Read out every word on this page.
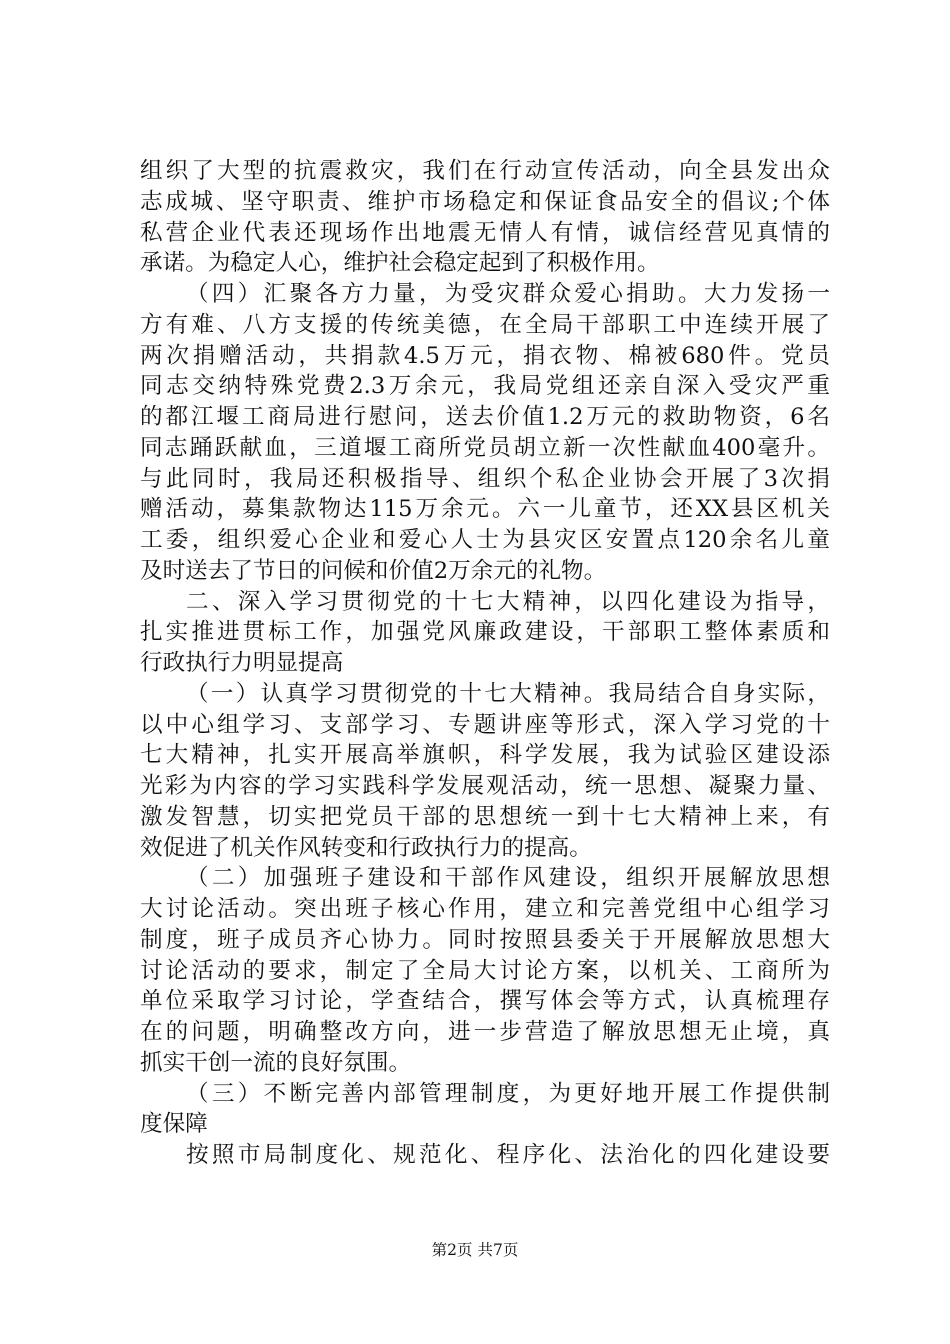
组织了大型的抗震救灾，我们在行动宣传活动，向全县发出众
志成城、坚守职责、维护市场稳定和保证食品安全的倡议;个体
私营企业代表还现场作出地震无情人有情，诚信经营见真情的
承诺。为稳定人心，维护社会稳定起到了积极作用。
（四）汇聚各方力量，为受灾群众爱心捐助。大力发扬一
方有难、八方支援的传统美德，在全局干部职工中连续开展了
两次捐赠活动，共捐款4.5万元，捐衣物、棉被680件。党员
同志交纳特殊党费2.3万余元，我局党组还亲自深入受灾严重
的都江堰工商局进行慰问，送去价值1.2万元的救助物资，6名
同志踊跃献血，三道堰工商所党员胡立新一次性献血400毫升。
与此同时，我局还积极指导、组织个私企业协会开展了3次捐
赠活动，募集款物达115万余元。六一儿童节，还XX县区机关
工委，组织爱心企业和爱心人士为县灾区安置点120余名儿童
及时送去了节日的问候和价值2万余元的礼物。
二、深入学习贯彻党的十七大精神，以四化建设为指导，
扎实推进贯标工作，加强党风廉政建设，干部职工整体素质和
行政执行力明显提高
（一）认真学习贯彻党的十七大精神。我局结合自身实际，
以中心组学习、支部学习、专题讲座等形式，深入学习党的十
七大精神，扎实开展高举旗帜，科学发展，我为试验区建设添
光彩为内容的学习实践科学发展观活动，统一思想、凝聚力量、
激发智慧，切实把党员干部的思想统一到十七大精神上来，有
效促进了机关作风转变和行政执行力的提高。
（二）加强班子建设和干部作风建设，组织开展解放思想
大讨论活动。突出班子核心作用，建立和完善党组中心组学习
制度，班子成员齐心协力。同时按照县委关于开展解放思想大
讨论活动的要求，制定了全局大讨论方案，以机关、工商所为
单位采取学习讨论，学查结合，撰写体会等方式，认真梳理存
在的问题，明确整改方向，进一步营造了解放思想无止境，真
抓实干创一流的良好氛围。
（三）不断完善内部管理制度，为更好地开展工作提供制
度保障
按照市局制度化、规范化、程序化、法治化的四化建设要
第2页 共7页
